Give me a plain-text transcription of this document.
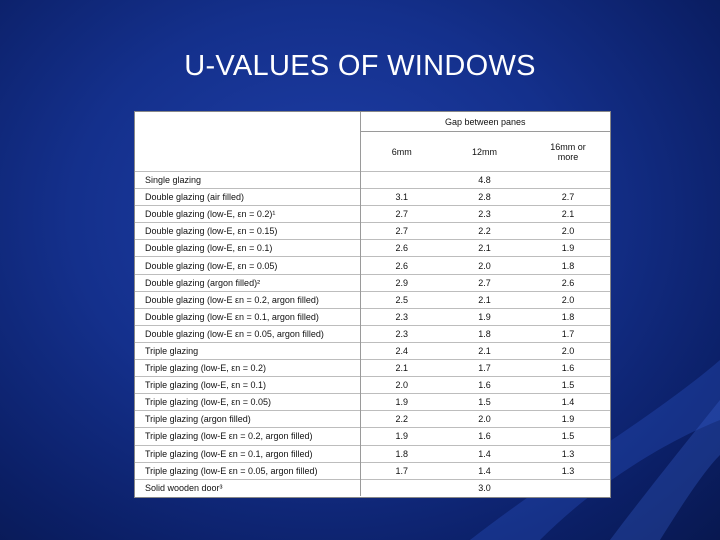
U-VALUES OF WINDOWS
	Gap between panes		
	6mm	12mm	16mm or more
Single glazing		4.8	
Double glazing (air filled)	3.1	2.8	2.7
Double glazing (low-E, εn = 0.2)¹	2.7	2.3	2.1
Double glazing (low-E, εn = 0.15)	2.7	2.2	2.0
Double glazing (low-E, εn = 0.1)	2.6	2.1	1.9
Double glazing (low-E, εn = 0.05)	2.6	2.0	1.8
Double glazing (argon filled)²	2.9	2.7	2.6
Double glazing (low-E εn = 0.2, argon filled)	2.5	2.1	2.0
Double glazing (low-E εn = 0.1, argon filled)	2.3	1.9	1.8
Double glazing (low-E εn = 0.05, argon filled)	2.3	1.8	1.7
Triple glazing	2.4	2.1	2.0
Triple glazing (low-E, εn = 0.2)	2.1	1.7	1.6
Triple glazing (low-E, εn = 0.1)	2.0	1.6	1.5
Triple glazing (low-E, εn = 0.05)	1.9	1.5	1.4
Triple glazing (argon filled)	2.2	2.0	1.9
Triple glazing (low-E εn = 0.2, argon filled)	1.9	1.6	1.5
Triple glazing (low-E εn = 0.1, argon filled)	1.8	1.4	1.3
Triple glazing (low-E εn = 0.05, argon filled)	1.7	1.4	1.3
Solid wooden door³		3.0	
